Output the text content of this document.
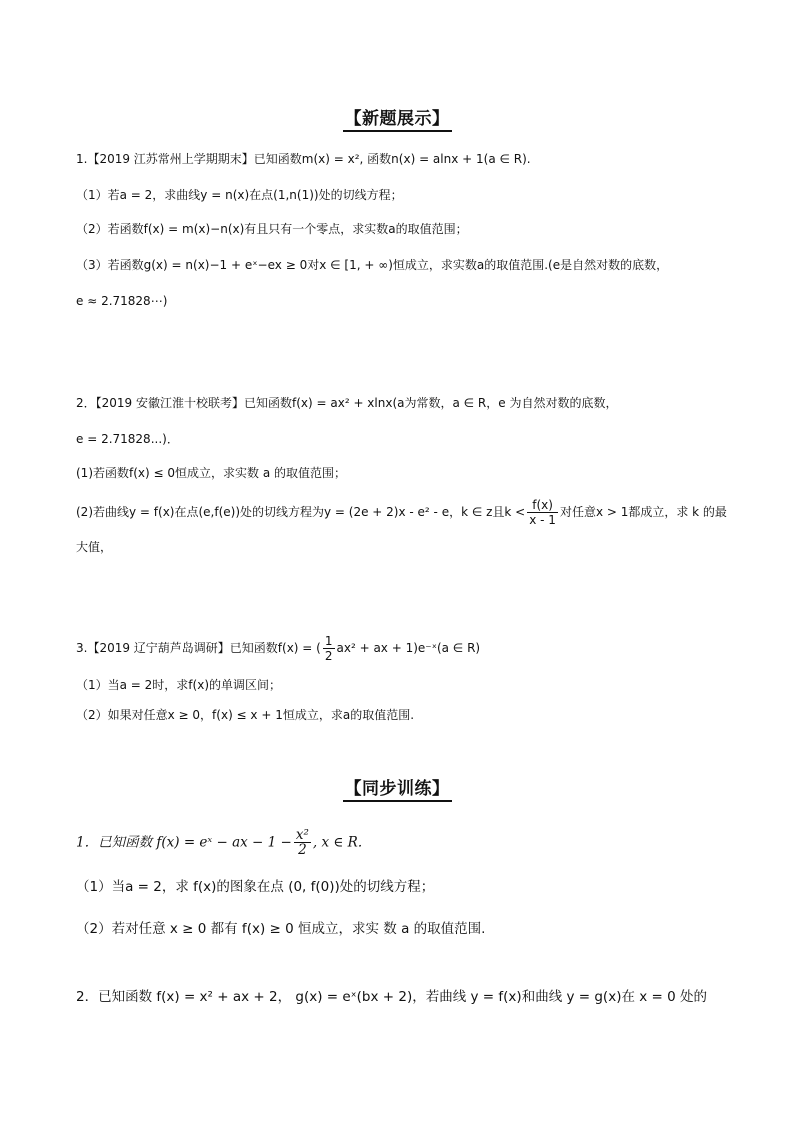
【新题展示】
1.【2019 江苏常州上学期期末】已知函数m(x) = x², 函数n(x) = alnx + 1(a ∈ R).
（1）若a = 2，求曲线y = n(x)在点(1,n(1))处的切线方程；
（2）若函数f(x) = m(x)−n(x)有且只有一个零点，求实数a的取值范围；
（3）若函数g(x) = n(x)−1 + eˣ−ex ≥ 0对x ∈ [1, + ∞)恒成立，求实数a的取值范围.(e是自然对数的底数，
e ≈ 2.71828⋯)
2．【2019 安徽江淮十校联考】已知函数f(x) = ax² + xlnx(a为常数，a ∈ R，e 为自然对数的底数，
e = 2.71828...)．
(1)若函数f(x) ≤ 0恒成立，求实数 a 的取值范围；
(2)若曲线y = f(x)在点(e,f(e))处的切线方程为y = (2e + 2)x - e² - e，k ∈ z且$k < \frac{f(x)}{x - 1}$ 对任意x > 1都成立，求 k 的最
大值，
3.【2019 辽宁葫芦岛调研】已知函数f(x) = ( $\frac{1}{2} ax^2$ + ax + 1)e⁻ˣ(a ∈ R)
（1）当a = 2时，求f(x)的单调区间；
（2）如果对任意x ≥ 0，f(x) ≤ x + 1恒成立，求a的取值范围.
【同步训练】
1．已知函数 f(x) = eˣ − ax − $1 - \frac{\text{x²}}{2}$ , x ∈ R．
（1）当a = 2，求 f(x)的图象在点 (0, f(0))处的切线方程；
（2）若对任意 x ≥ 0 都有 f(x) ≥ 0 恒成立，求实 数 a 的取值范围.
2．已知函数 f(x) = x² + ax + 2， g(x) = eˣ(bx + 2)，若曲线 y = f(x)和曲线 y = g(x)在 x = 0 处的
